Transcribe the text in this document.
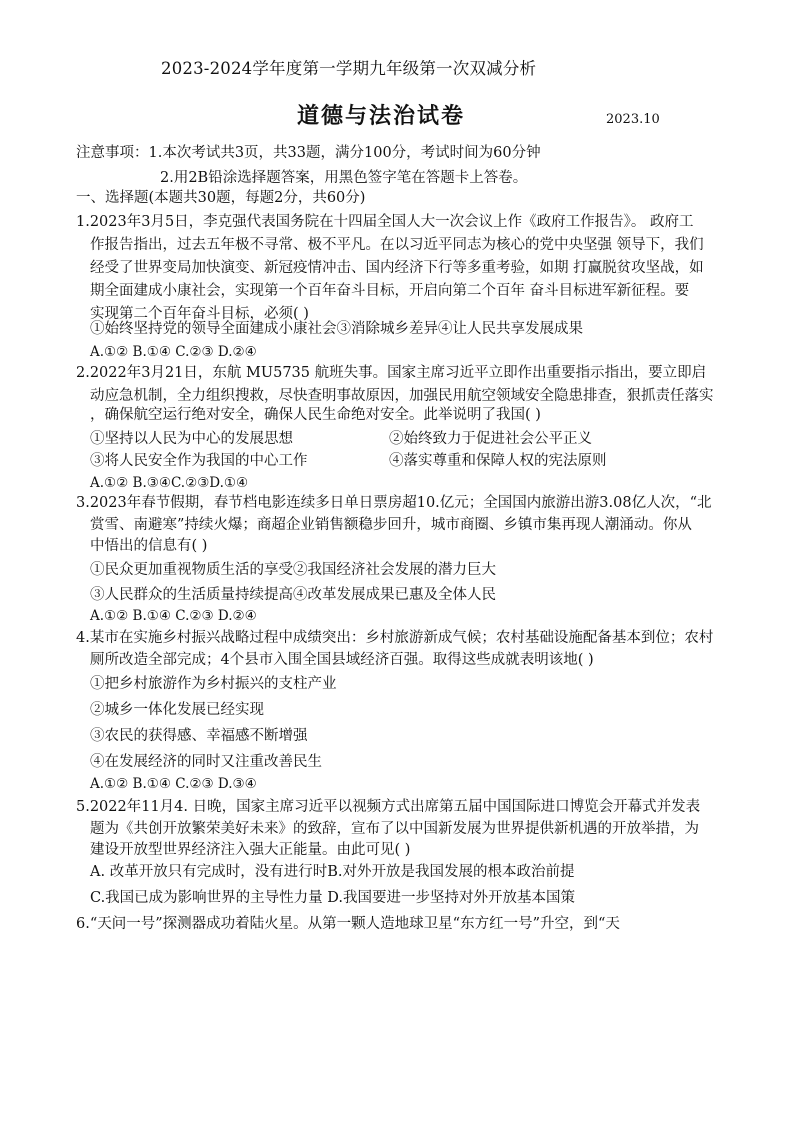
2023-2024学年度第一学期九年级第一次双减分析
道德与法治试卷	2023.10
注意事项：1.本次考试共3页，共33题，满分100分，考试时间为60分钟
2.用2B铅涂选择题答案，用黑色签字笔在答题卡上答卷。
一、选择题(本题共30题，每题2分，共60分)
1.2023年3月5日，李克强代表国务院在十四届全国人大一次会议上作《政府工作报告》。 政府工
作报告指出，过去五年极不寻常、极不平凡。在以习近平同志为核心的党中央坚强 领导下，我们
经受了世界变局加快演变、新冠疫情冲击、国内经济下行等多重考验，如期 打赢脱贫攻坚战，如
期全面建成小康社会，实现第一个百年奋斗目标，开启向第二个百年 奋斗目标进军新征程。要
实现第二个百年奋斗目标，必须( )
①始终坚持党的领导全面建成小康社会③消除城乡差异④让人民共享发展成果
A.①② B.①④ C.②③ D.②④
2.2022年3月21日，东航 MU5735 航班失事。国家主席习近平立即作出重要指示指出，要立即启
动应急机制，全力组织搜救，尽快查明事故原因，加强民用航空领域安全隐患排查，狠抓责任落实
，确保航空运行绝对安全，确保人民生命绝对安全。此举说明了我国( )
①坚持以人民为中心的发展思想	②始终致力于促进社会公平正义
③将人民安全作为我国的中心工作	④落实尊重和保障人权的宪法原则
A.①② B.③④C.②③D.①④
3.2023年春节假期，春节档电影连续多日单日票房超10.亿元；全国国内旅游出游3.08亿人次，“北
赏雪、南避寒”持续火爆；商超企业销售额稳步回升，城市商圈、乡镇市集再现人潮涌动。你从
中悟出的信息有( )
①民众更加重视物质生活的享受②我国经济社会发展的潜力巨大
③人民群众的生活质量持续提高④改革发展成果已惠及全体人民
A.①② B.①④ C.②③ D.②④
4.某市在实施乡村振兴战略过程中成绩突出：乡村旅游新成气候；农村基础设施配备基本到位；农村
厕所改造全部完成；4个县市入围全国县域经济百强。取得这些成就表明该地( )
①把乡村旅游作为乡村振兴的支柱产业
②城乡一体化发展已经实现
③农民的获得感、幸福感不断增强
④在发展经济的同时又注重改善民生
A.①② B.①④ C.②③ D.③④
5.2022年11月4. 日晚，国家主席习近平以视频方式出席第五届中国国际进口博览会开幕式并发表
题为《共创开放繁荣美好未来》的致辞，宣布了以中国新发展为世界提供新机遇的开放举措，为
建设开放型世界经济注入强大正能量。由此可见( )
A. 改革开放只有完成时，没有进行时B.对外开放是我国发展的根本政治前提
C.我国已成为影响世界的主导性力量 D.我国要进一步坚持对外开放基本国策
6.“天问一号”探测器成功着陆火星。从第一颗人造地球卫星“东方红一号”升空，到“天
